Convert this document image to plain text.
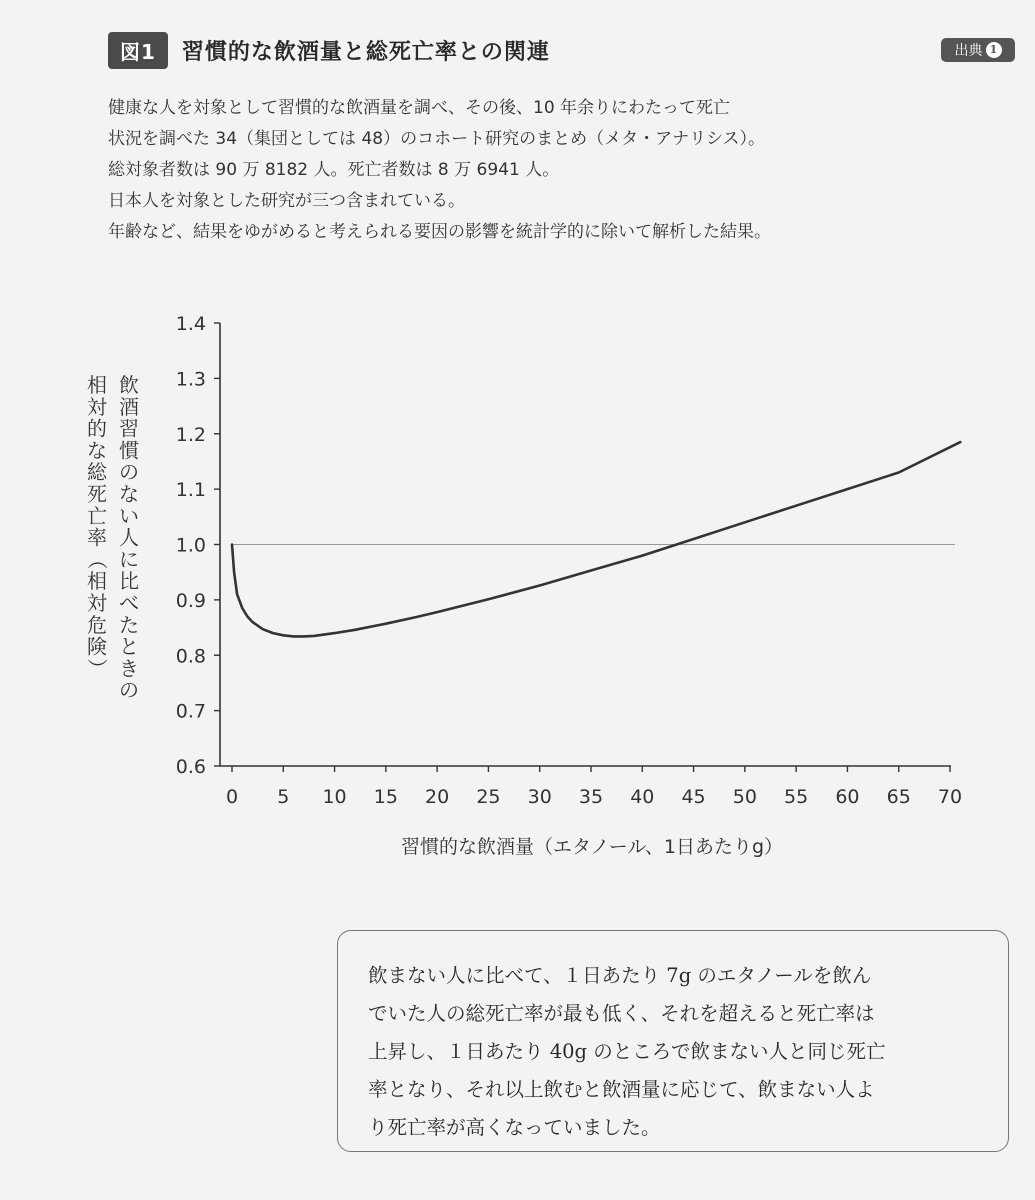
図1	習慣的な飲酒量と総死亡率との関連	出典 1
健康な人を対象として習慣的な飲酒量を調べ、その後、10 年余りにわたって死亡
状況を調べた 34（集団としては 48）のコホート研究のまとめ（メタ・アナリシス）。
総対象者数は 90 万 8182 人。死亡者数は 8 万 6941 人。
日本人を対象とした研究が三つ含まれている。
年齢など、結果をゆがめると考えられる要因の影響を統計学的に除いて解析した結果。
飲
酒
習
慣
の
な
い
人
に
比
べ
た
と
き
の
相
対
的
な
総
死
亡
率
（
相
対
危
険
）
0.6
0.7
0.8
0.9
1.0
1.1
1.2
1.3
1.4
0 5 10 15 20 25 30 35 40 45 50 55 60 65 70
習慣的な飲酒量（エタノール、1日あたりg）
飲まない人に比べて、１日あたり 7g のエタノールを飲ん
でいた人の総死亡率が最も低く、それを超えると死亡率は
上昇し、１日あたり 40g のところで飲まない人と同じ死亡
率となり、それ以上飲むと飲酒量に応じて、飲まない人よ
り死亡率が高くなっていました。
